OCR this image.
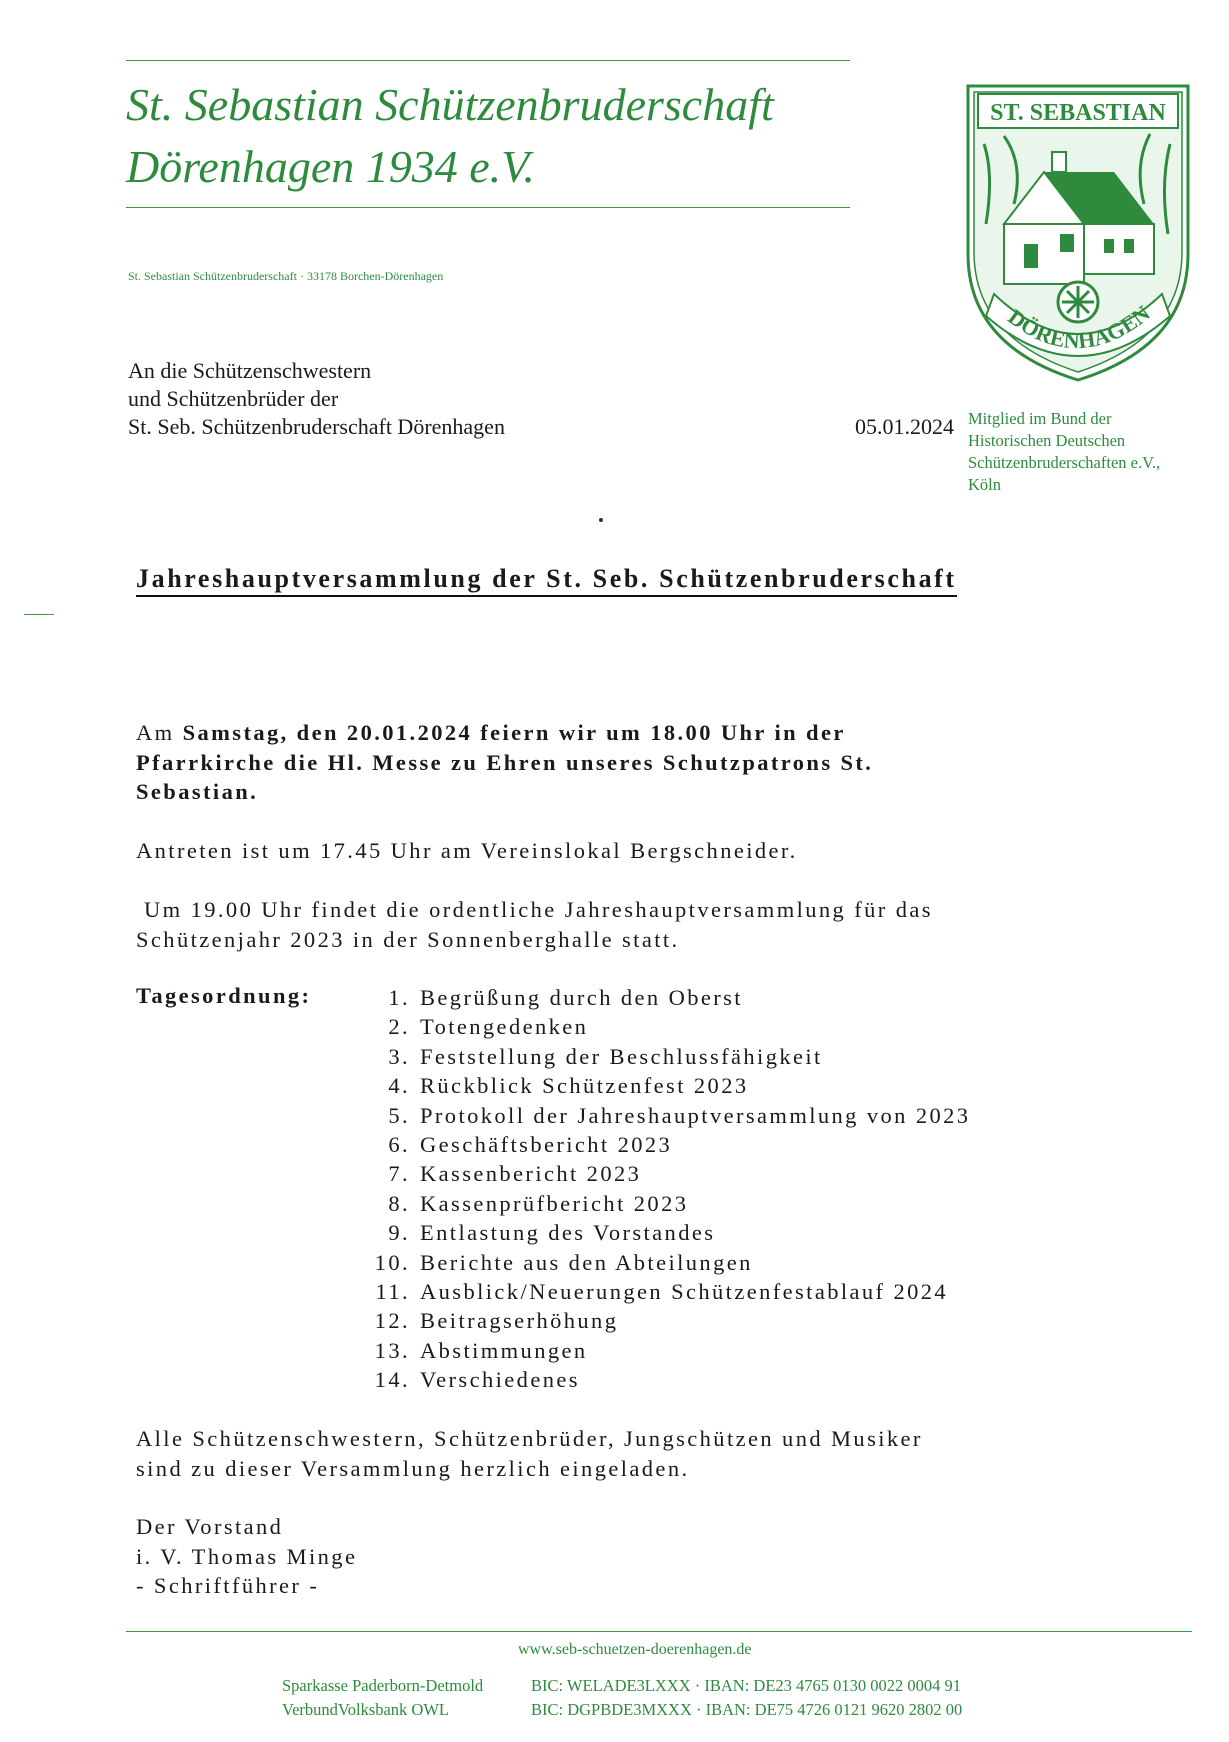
St. Sebastian Schützenbruderschaft
Dörenhagen 1934 e.V.
St. Sebastian Schützenbruderschaft · 33178 Borchen-Dörenhagen
ST. SEBASTIAN
DÖRENHAGEN
An die Schützenschwestern
und Schützenbrüder der
St. Seb. Schützenbruderschaft Dörenhagen	05.01.2024 Mitglied im Bund der
Historischen Deutschen
Schützenbruderschaften e.V.,
Köln
Jahreshauptversammlung der St. Seb. Schützenbruderschaft
Am Samstag, den 20.01.2024 feiern wir um 18.00 Uhr in der
Pfarrkirche die Hl. Messe zu Ehren unseres Schutzpatrons St.
Sebastian.
Antreten ist um 17.45 Uhr am Vereinslokal Bergschneider.
Um 19.00 Uhr findet die ordentliche Jahreshauptversammlung für das
Schützenjahr 2023 in der Sonnenberghalle statt.
Tagesordnung:	1. Begrüßung durch den Oberst
2. Totengedenken
3. Feststellung der Beschlussfähigkeit
4. Rückblick Schützenfest 2023
5. Protokoll der Jahreshauptversammlung von 2023
6. Geschäftsbericht 2023
7. Kassenbericht 2023
8. Kassenprüfbericht 2023
9. Entlastung des Vorstandes
10. Berichte aus den Abteilungen
11. Ausblick/Neuerungen Schützenfestablauf 2024
12. Beitragserhöhung
13. Abstimmungen
14. Verschiedenes
Alle Schützenschwestern, Schützenbrüder, Jungschützen und Musiker
sind zu dieser Versammlung herzlich eingeladen.
Der Vorstand
i. V. Thomas Minge
- Schriftführer -
www.seb-schuetzen-doerenhagen.de
Sparkasse Paderborn-Detmold
VerbundVolksbank OWL
BIC: WELADE3LXXX · IBAN: DE23 4765 0130 0022 0004 91
BIC: DGPBDE3MXXX · IBAN: DE75 4726 0121 9620 2802 00
